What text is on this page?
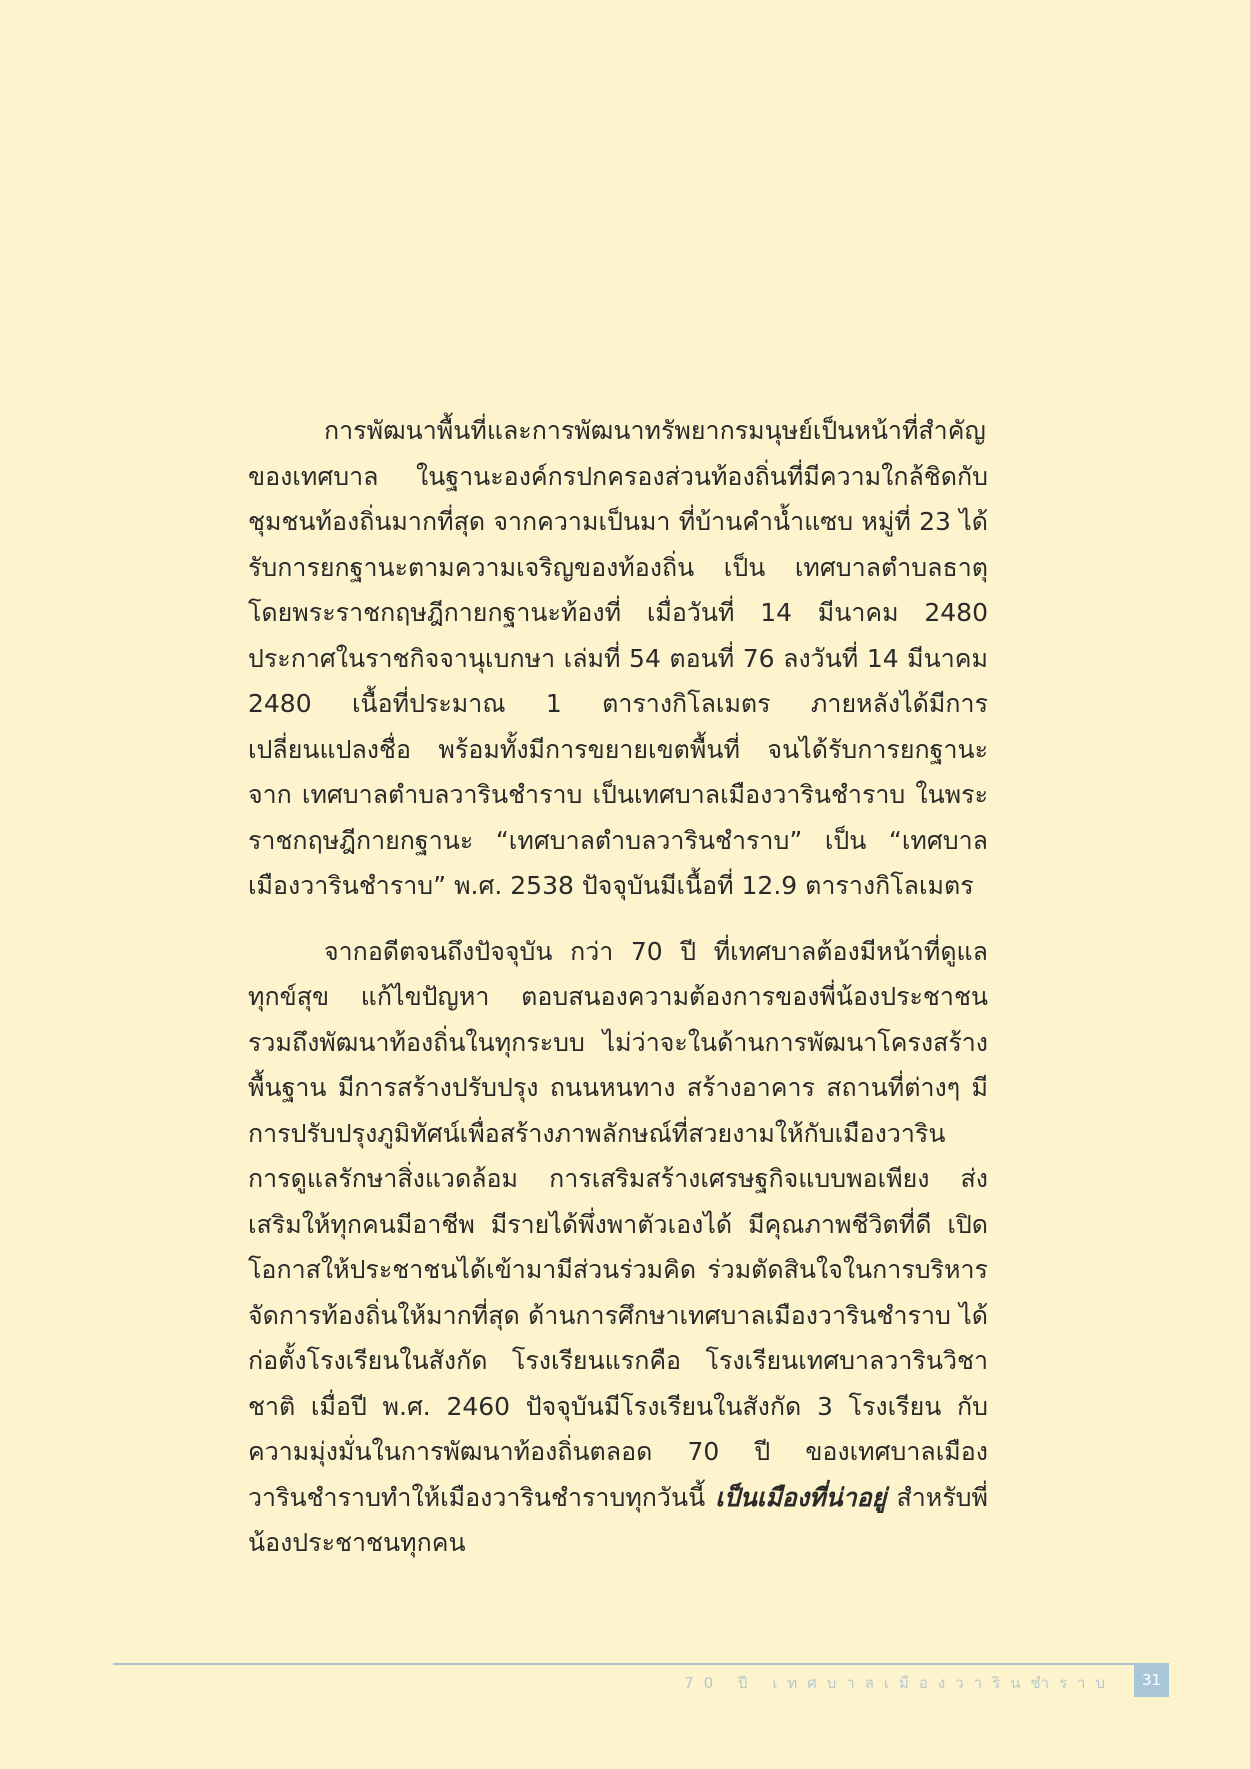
การพัฒนาพื้นที่และการพัฒนาทรัพยากรมนุษย์เป็นหน้าที่สำคัญของเทศบาล ในฐานะองค์กรปกครองส่วนท้องถิ่นที่มีความใกล้ชิดกับชุมชนท้องถิ่นมากที่สุด จากความเป็นมา ที่บ้านคำน้ำแซบ หมู่ที่ 23 ได้รับการยกฐานะตามความเจริญของท้องถิ่น เป็น เทศบาลตำบลธาตุ โดยพระราชกฤษฎีกายกฐานะท้องที่ เมื่อวันที่ 14 มีนาคม 2480 ประกาศในราชกิจจานุเบกษา เล่มที่ 54 ตอนที่ 76 ลงวันที่ 14 มีนาคม 2480 เนื้อที่ประมาณ 1 ตารางกิโลเมตร ภายหลังได้มีการเปลี่ยนแปลงชื่อ พร้อมทั้งมีการขยายเขตพื้นที่ จนได้รับการยกฐานะจาก เทศบาลตำบลวารินชำราบ เป็นเทศบาลเมืองวารินชำราบ ในพระราชกฤษฎีกายกฐานะ “เทศบาลตำบลวารินชำราบ” เป็น “เทศบาลเมืองวารินชำราบ” พ.ศ. 2538 ปัจจุบันมีเนื้อที่ 12.9 ตารางกิโลเมตร

จากอดีตจนถึงปัจจุบัน กว่า 70 ปี ที่เทศบาลต้องมีหน้าที่ดูแลทุกข์สุข แก้ไขปัญหา ตอบสนองความต้องการของพี่น้องประชาชน รวมถึงพัฒนาท้องถิ่นในทุกระบบ ไม่ว่าจะในด้านการพัฒนาโครงสร้างพื้นฐาน มีการสร้างปรับปรุง ถนนหนทาง สร้างอาคาร สถานที่ต่างๆ มีการปรับปรุงภูมิทัศน์เพื่อสร้างภาพลักษณ์ที่สวยงามให้กับเมืองวาริน การดูแลรักษาสิ่งแวดล้อม การเสริมสร้างเศรษฐกิจแบบพอเพียง ส่งเสริมให้ทุกคนมีอาชีพ มีรายได้พึ่งพาตัวเองได้ มีคุณภาพชีวิตที่ดี เปิดโอกาสให้ประชาชนได้เข้ามามีส่วนร่วมคิด ร่วมตัดสินใจในการบริหารจัดการท้องถิ่นให้มากที่สุด ด้านการศึกษาเทศบาลเมืองวารินชำราบ ได้ก่อตั้งโรงเรียนในสังกัด โรงเรียนแรกคือ โรงเรียนเทศบาลวารินวิชาชาติ เมื่อปี พ.ศ. 2460 ปัจจุบันมีโรงเรียนในสังกัด 3 โรงเรียน กับความมุ่งมั่นในการพัฒนาท้องถิ่นตลอด 70 ปี ของเทศบาลเมืองวารินชำราบทำให้เมืองวารินชำราบทุกวันนี้ เป็นเมืองที่น่าอยู่ สำหรับพี่น้องประชาชนทุกคน

70 ปี เทศบาลเมืองวารินชำราบ	31
